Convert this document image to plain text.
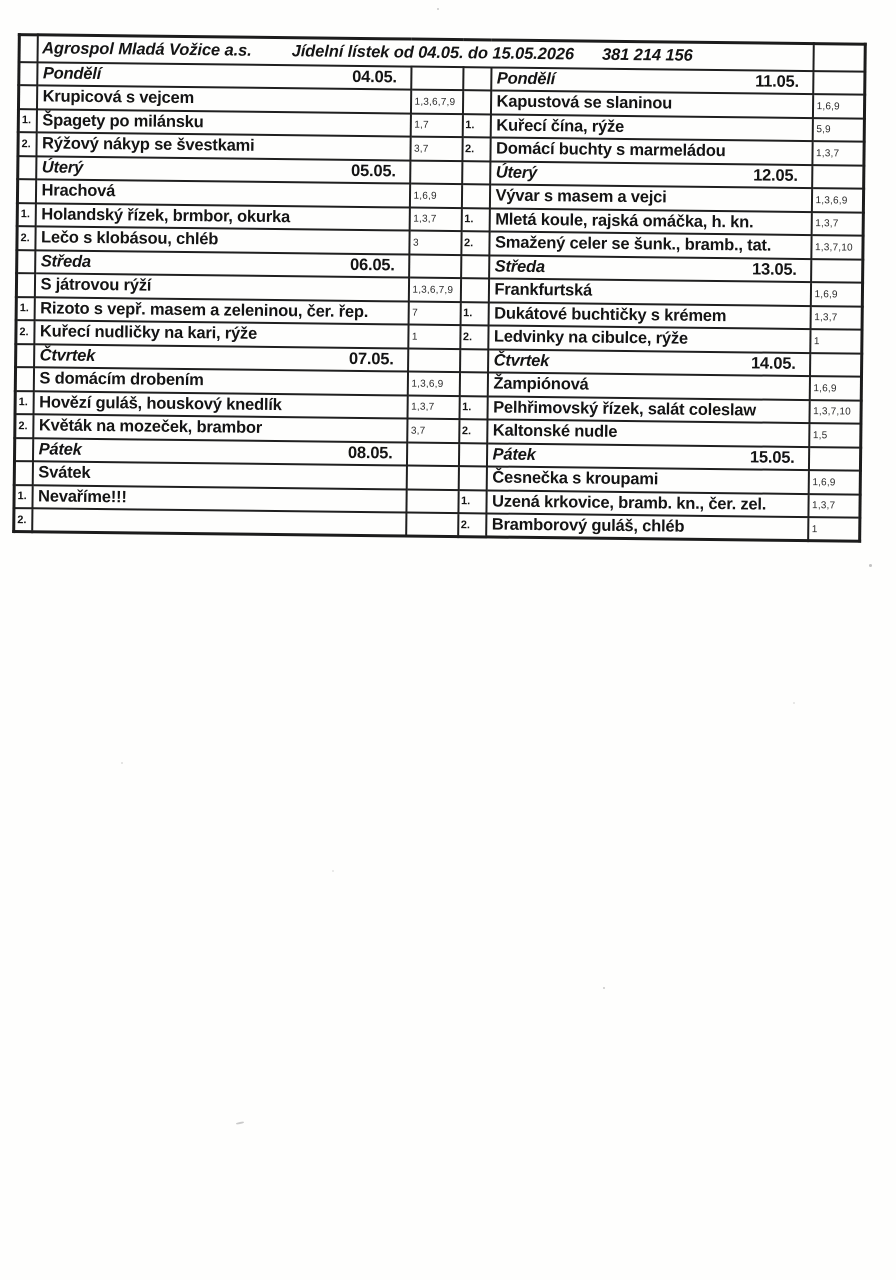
	Agrospol Mladá Vožice a.s. Jídelní lístek od 04.05. do 15.05.2026 381 214 156				

	Pondělí 04.05.			Pondělí 11.05.	

	Krupicová s vejcem	1,3,6,7,9		Kapustová se slaninou	1,6,9
1.	Špagety po milánsku	1,7	1.	Kuřecí čína, rýže	5,9
2.	Rýžový nákyp se švestkami	3,7	2.	Domácí buchty s marmeládou	1,3,7

	Úterý 05.05.			Úterý 12.05.	

	Hrachová	1,6,9		Vývar s masem a vejci	1,3,6,9
1.	Holandský řízek, brmbor, okurka	1,3,7	1.	Mletá koule, rajská omáčka, h. kn.	1,3,7
2.	Lečo s klobásou, chléb	3	2.	Smažený celer se šunk., bramb., tat.	1,3,7,10

	Středa 06.05.			Středa 13.05.	

	S játrovou rýží	1,3,6,7,9		Frankfurtská	1,6,9
1.	Rizoto s vepř. masem a zeleninou, čer. řep.	7	1.	Dukátové buchtičky s krémem	1,3,7
2.	Kuřecí nudličky na kari, rýže	1	2.	Ledvinky na cibulce, rýže	1

	Čtvrtek 07.05.			Čtvrtek 14.05.	

	S domácím drobením	1,3,6,9		Žampiónová	1,6,9
1.	Hovězí guláš, houskový knedlík	1,3,7	1.	Pelhřimovský řízek, salát coleslaw	1,3,7,10
2.	Květák na mozeček, brambor	3,7	2.	Kaltonské nudle	1,5

	Pátek 08.05.			Pátek 15.05.	

	Svátek			Česnečka s kroupami	1,6,9
1.	Nevaříme!!!		1.	Uzená krkovice, bramb. kn., čer. zel.	1,3,7
2.			2.	Bramborový guláš, chléb	1
